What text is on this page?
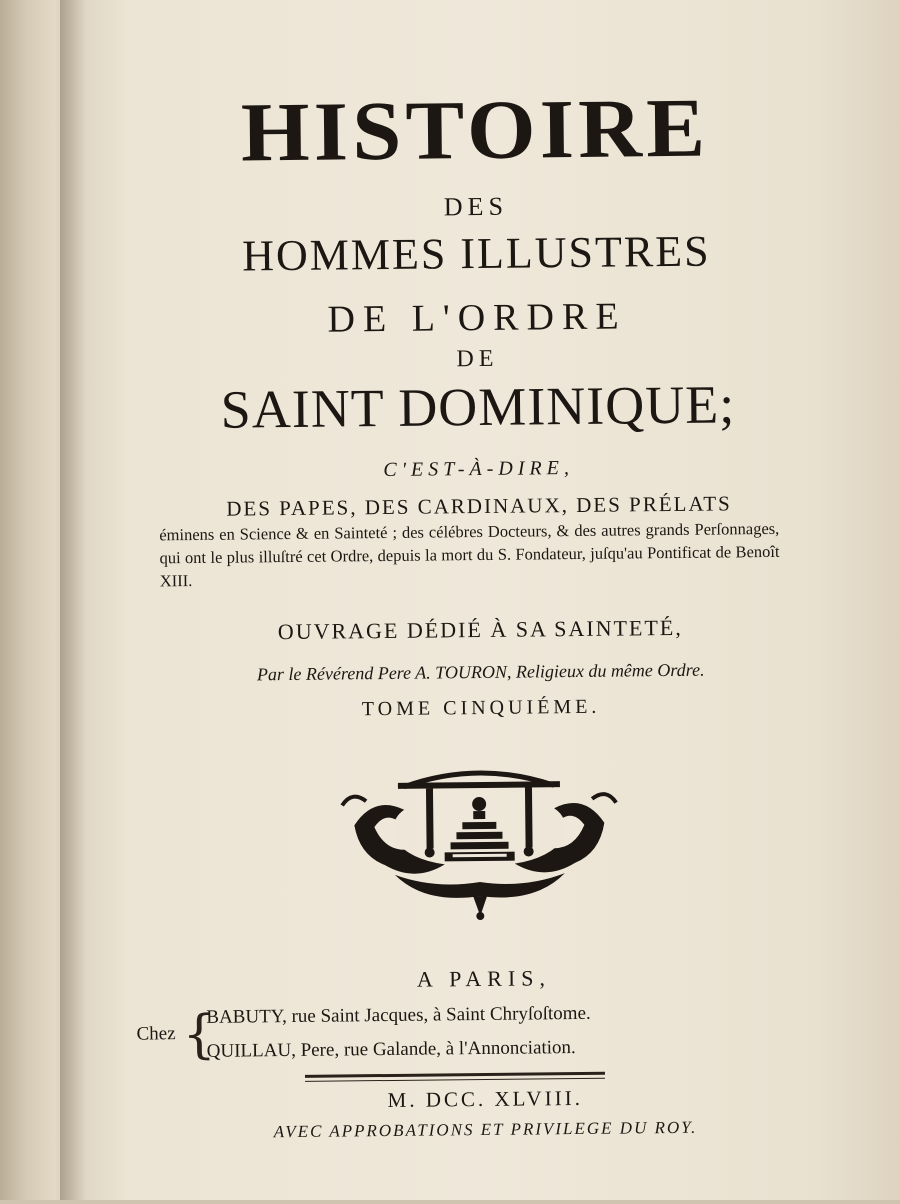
HISTOIRE
DES
HOMMES ILLUSTRES
DE L'ORDRE
DE
SAINT DOMINIQUE;
C'EST-À-DIRE,
DES PAPES, DES CARDINAUX, DES PRÉLATS
éminens en Science & en Sainteté ; des célébres Docteurs, & des autres grands Perſonnages, qui ont le plus illuſtré cet Ordre, depuis la mort du S. Fondateur, juſqu'au Pontificat de Benoît XIII.
OUVRAGE DÉDIÉ À SA SAINTETÉ,
Par le Révérend Pere A. TOURON, Religieux du même Ordre.
TOME CINQUIÉME.
A PARIS,
Chez {
BABUTY, rue Saint Jacques, à Saint Chryſoſtome.
QUILLAU, Pere, rue Galande, à l'Annonciation.
M. DCC. XLVIII.
AVEC APPROBATIONS ET PRIVILEGE DU ROY.
